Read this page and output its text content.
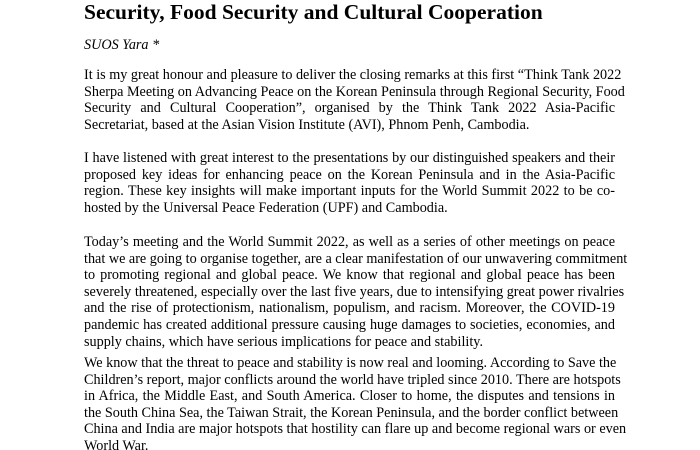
Security, Food Security and Cultural Cooperation

SUOS Yara *

It is my great honour and pleasure to deliver the closing remarks at this first “Think Tank 2022
Sherpa Meeting on Advancing Peace on the Korean Peninsula through Regional Security, Food
Security and Cultural Cooperation”, organised by the Think Tank 2022 Asia-Pacific
Secretariat, based at the Asian Vision Institute (AVI), Phnom Penh, Cambodia.
I have listened with great interest to the presentations by our distinguished speakers and their
proposed key ideas for enhancing peace on the Korean Peninsula and in the Asia-Pacific
region. These key insights will make important inputs for the World Summit 2022 to be co-
hosted by the Universal Peace Federation (UPF) and Cambodia.
Today’s meeting and the World Summit 2022, as well as a series of other meetings on peace
that we are going to organise together, are a clear manifestation of our unwavering commitment
to promoting regional and global peace. We know that regional and global peace has been
severely threatened, especially over the last five years, due to intensifying great power rivalries
and the rise of protectionism, nationalism, populism, and racism. Moreover, the COVID-19
pandemic has created additional pressure causing huge damages to societies, economies, and
supply chains, which have serious implications for peace and stability.
We know that the threat to peace and stability is now real and looming. According to Save the
Children’s report, major conflicts around the world have tripled since 2010. There are hotspots
in Africa, the Middle East, and South America. Closer to home, the disputes and tensions in
the South China Sea, the Taiwan Strait, the Korean Peninsula, and the border conflict between
China and India are major hotspots that hostility can flare up and become regional wars or even
World War.
